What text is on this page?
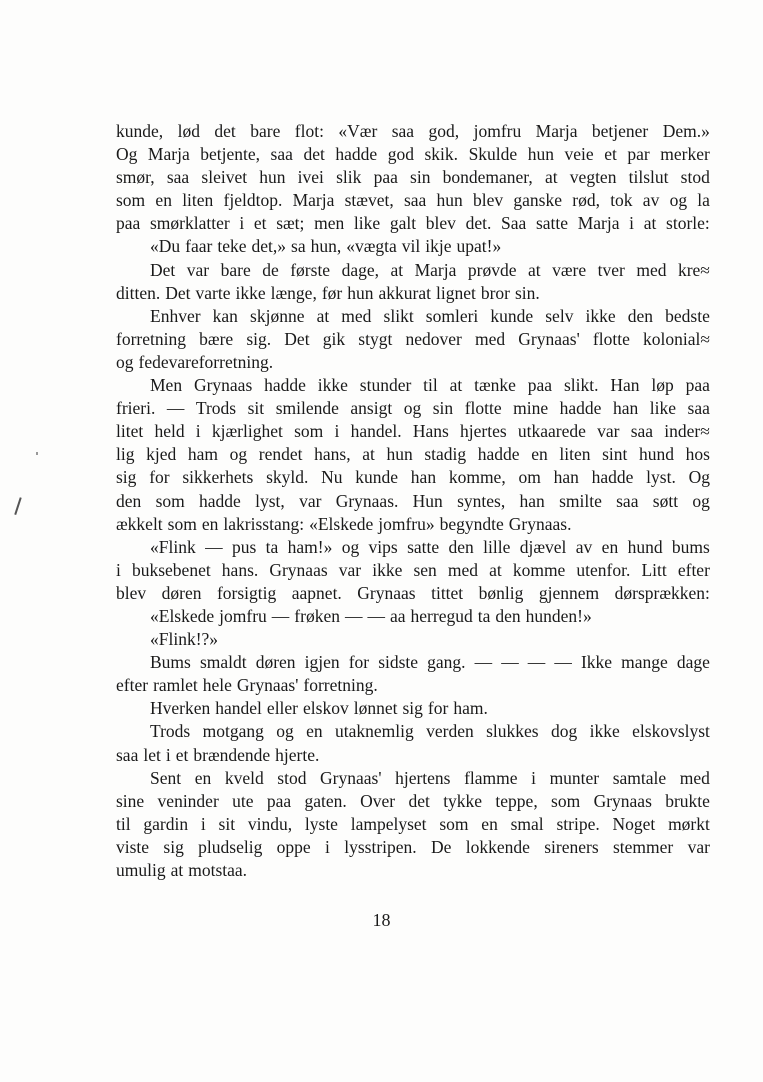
kunde, lød det bare flot: «Vær saa god, jomfru Marja betjener Dem.»
Og Marja betjente, saa det hadde god skik. Skulde hun veie et par merker
smør, saa sleivet hun ivei slik paa sin bondemaner, at vegten tilslut stod
som en liten fjeldtop. Marja stævet, saa hun blev ganske rød, tok av og la
paa smørklatter i et sæt; men like galt blev det. Saa satte Marja i at storle:
«Du faar teke det,» sa hun, «vægta vil ikje upat!»
Det var bare de første dage, at Marja prøvde at være tver med kre≈
ditten. Det varte ikke længe, før hun akkurat lignet bror sin.
Enhver kan skjønne at med slikt somleri kunde selv ikke den bedste
forretning bære sig. Det gik stygt nedover med Grynaas' flotte kolonial≈
og fedevareforretning.
Men Grynaas hadde ikke stunder til at tænke paa slikt. Han løp paa
frieri. — Trods sit smilende ansigt og sin flotte mine hadde han like saa
litet held i kjærlighet som i handel. Hans hjertes utkaarede var saa inder≈
lig kjed ham og rendet hans, at hun stadig hadde en liten sint hund hos
sig for sikkerhets skyld. Nu kunde han komme, om han hadde lyst. Og
den som hadde lyst, var Grynaas. Hun syntes, han smilte saa søtt og
ækkelt som en lakrisstang: «Elskede jomfru» begyndte Grynaas.
«Flink — pus ta ham!» og vips satte den lille djævel av en hund bums
i buksebenet hans. Grynaas var ikke sen med at komme utenfor. Litt efter
blev døren forsigtig aapnet. Grynaas tittet bønlig gjennem dørsprækken:
«Elskede jomfru — frøken — — aa herregud ta den hunden!»
«Flink!?»
Bums smaldt døren igjen for sidste gang. — — — — Ikke mange dage
efter ramlet hele Grynaas' forretning.
Hverken handel eller elskov lønnet sig for ham.
Trods motgang og en utaknemlig verden slukkes dog ikke elskovslyst
saa let i et brændende hjerte.
Sent en kveld stod Grynaas' hjertens flamme i munter samtale med
sine veninder ute paa gaten. Over det tykke teppe, som Grynaas brukte
til gardin i sit vindu, lyste lampelyset som en smal stripe. Noget mørkt
viste sig pludselig oppe i lysstripen. De lokkende sireners stemmer var
umulig at motstaa.
18
